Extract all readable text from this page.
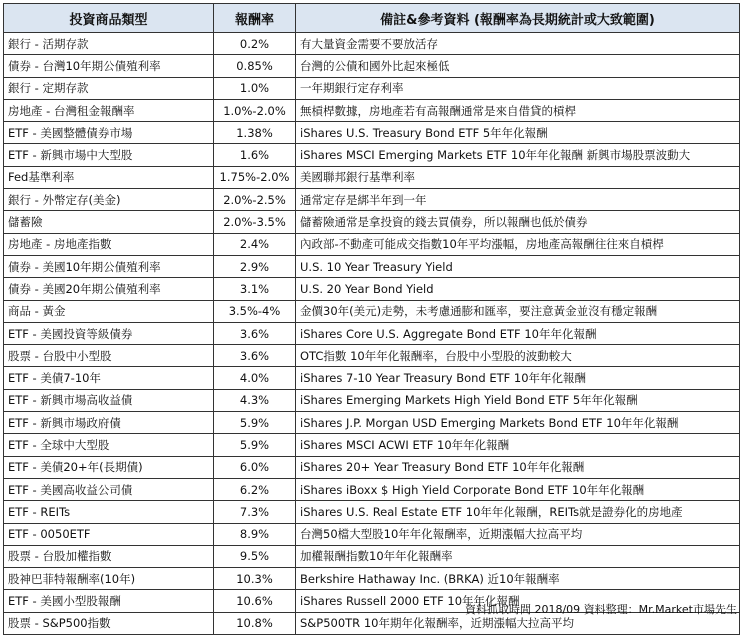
投資商品類型	報酬率	備註&參考資料 (報酬率為長期統計或大致範圍)
銀行 - 活期存款	0.2%	有大量資金需要不要放活存
債券 - 台灣10年期公債殖利率	0.85%	台灣的公債和國外比起來極低
銀行 - 定期存款	1.0%	一年期銀行定存利率
房地產 - 台灣租金報酬率	1.0%-2.0%	無槓桿數據，房地產若有高報酬通常是來自借貸的槓桿
ETF - 美國整體債券市場	1.38%	iShares U.S. Treasury Bond ETF 5年年化報酬
ETF - 新興市場中大型股	1.6%	iShares MSCI Emerging Markets ETF 10年年化報酬 新興市場股票波動大
Fed基準利率	1.75%-2.0%	美國聯邦銀行基準利率
銀行 - 外幣定存(美金)	2.0%-2.5%	通常定存是綁半年到一年
儲蓄險	2.0%-3.5%	儲蓄險通常是拿投資的錢去買債券，所以報酬也低於債券
房地產 - 房地產指數	2.4%	內政部-不動產可能成交指數10年平均漲幅，房地產高報酬往往來自槓桿
債券 - 美國10年期公債殖利率	2.9%	U.S. 10 Year Treasury Yield
債券 - 美國20年期公債殖利率	3.1%	U.S. 20 Year Bond Yield
商品 - 黃金	3.5%-4%	金價30年(美元)走勢，未考慮通膨和匯率，要注意黃金並沒有穩定報酬
ETF - 美國投資等級債券	3.6%	iShares Core U.S. Aggregate Bond ETF 10年年化報酬
股票 - 台股中小型股	3.6%	OTC指數 10年年化報酬率，台股中小型股的波動較大
ETF - 美債7-10年	4.0%	iShares 7-10 Year Treasury Bond ETF 10年年化報酬
ETF - 新興市場高收益債	4.3%	iShares Emerging Markets High Yield Bond ETF 5年年化報酬
ETF - 新興市場政府債	5.9%	iShares J.P. Morgan USD Emerging Markets Bond ETF 10年年化報酬
ETF - 全球中大型股	5.9%	iShares MSCI ACWI ETF 10年年化報酬
ETF - 美債20+年(長期債)	6.0%	iShares 20+ Year Treasury Bond ETF 10年年化報酬
ETF - 美國高收益公司債	6.2%	iShares iBoxx $ High Yield Corporate Bond ETF 10年年化報酬
ETF - REITs	7.3%	iShares U.S. Real Estate ETF 10年年化報酬，REITs就是證券化的房地產
ETF - 0050ETF	8.9%	台灣50檔大型股10年年化報酬率，近期漲幅大拉高平均
股票 - 台股加權指數	9.5%	加權報酬指數10年年化報酬率
股神巴菲特報酬率(10年)	10.3%	Berkshire Hathaway Inc. (BRKA) 近10年報酬率
ETF - 美國小型股報酬	10.6%	iShares Russell 2000 ETF 10年年化報酬
股票 - S&P500指數	10.8%	S&P500TR 10年期年化報酬率，近期漲幅大拉高平均
資料抓取時間 2018/09 資料整理：Mr.Market市場先生
